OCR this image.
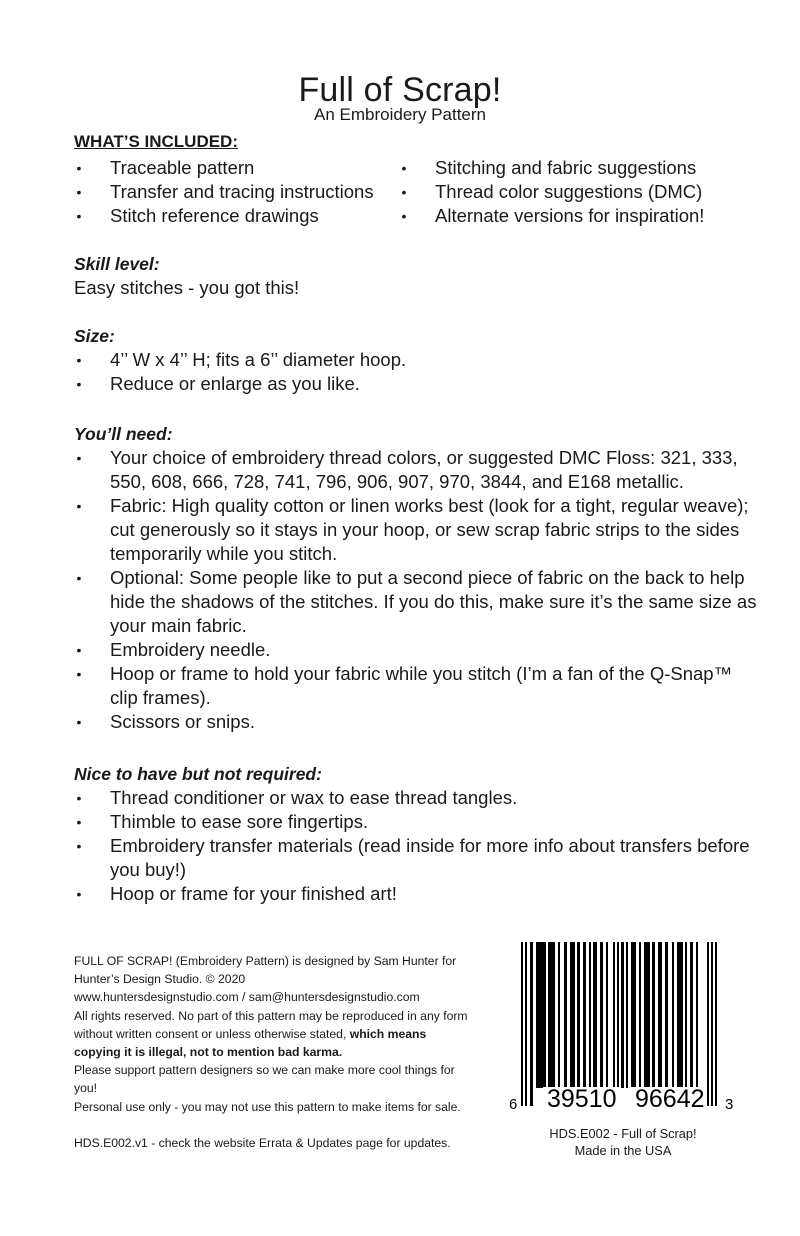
Full of Scrap!
An Embroidery Pattern
WHAT’S INCLUDED:
• Traceable pattern
• Transfer and tracing instructions
• Stitch reference drawings
• Stitching and fabric suggestions
• Thread color suggestions (DMC)
• Alternate versions for inspiration!
Skill level:
Easy stitches - you got this!
Size:
• 4’’ W x 4’’ H; fits a 6’’ diameter hoop.
• Reduce or enlarge as you like.
You’ll need:
• Your choice of embroidery thread colors, or suggested DMC Floss: 321, 333, 550, 608, 666, 728, 741, 796, 906, 907, 970, 3844, and E168 metallic.
• Fabric: High quality cotton or linen works best (look for a tight, regular weave); cut generously so it stays in your hoop, or sew scrap fabric strips to the sides temporarily while you stitch.
• Optional: Some people like to put a second piece of fabric on the back to help hide the shadows of the stitches. If you do this, make sure it’s the same size as your main fabric.
• Embroidery needle.
• Hoop or frame to hold your fabric while you stitch (I’m a fan of the Q-Snap™ clip frames).
• Scissors or snips.
Nice to have but not required:
• Thread conditioner or wax to ease thread tangles.
• Thimble to ease sore fingertips.
• Embroidery transfer materials (read inside for more info about transfers before you buy!)
• Hoop or frame for your finished art!
FULL OF SCRAP! (Embroidery Pattern) is designed by Sam Hunter for Hunter’s Design Studio. © 2020
www.huntersdesignstudio.com / sam@huntersdesignstudio.com
All rights reserved. No part of this pattern may be reproduced in any form without written consent or unless otherwise stated, which means copying it is illegal, not to mention bad karma.
Please support pattern designers so we can make more cool things for you!
Personal use only - you may not use this pattern to make items for sale.
HDS.E002.v1 - check the website Errata & Updates page for updates.
6 39510 96642 3
HDS.E002 - Full of Scrap!
Made in the USA
